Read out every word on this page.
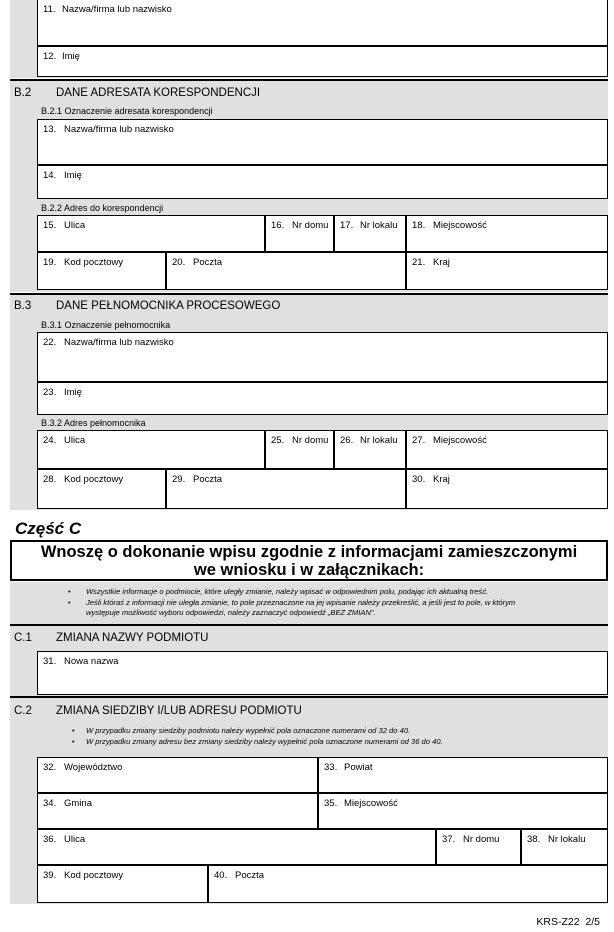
11. Nazwa/firma lub nazwisko
12. Imię
B.2 DANE ADRESATA KORESPONDENCJI
B.2.1 Oznaczenie adresata korespondencji
13. Nazwa/firma lub nazwisko
14. Imię
B.2.2 Adres do korespondencji
15. Ulica	16. Nr domu 17. Nr lokalu 18. Miejscowość
19. Kod pocztowy	20. Poczta	21. Kraj
B.3 DANE PEŁNOMOCNIKA PROCESOWEGO
B.3.1 Oznaczenie pełnomocnika
22. Nazwa/firma lub nazwisko
23. Imię
B.3.2 Adres pełnomocnika
24. Ulica	25. Nr domu 26. Nr lokalu 27. Miejscowość
28. Kod pocztowy	29. Poczta	30. Kraj
Część C
Wnoszę o dokonanie wpisu zgodnie z informacjami zamieszczonymi
we wniosku i w załącznikach:
• Wszystkie informacje o podmiocie, które uległy zmianie, należy wpisać w odpowiednim polu, podając ich aktualną treść.
• Jeśli któraś z informacji nie uległa zmianie, to pole przeznaczone na jej wpisanie należy przekreślić, a jeśli jest to pole, w którym
występuje możliwość wyboru odpowiedzi, należy zaznaczyć odpowiedź „BEZ ZMIAN”.
C.1 ZMIANA NAZWY PODMIOTU
31. Nowa nazwa
C.2 ZMIANA SIEDZIBY I/LUB ADRESU PODMIOTU
• W przypadku zmiany siedziby podmiotu należy wypełnić pola oznaczone numerami od 32 do 40.
• W przypadku zmiany adresu bez zmiany siedziby należy wypełnić pola oznaczone numerami od 36 do 40.
32. Województwo	33. Powiat
34. Gmina	35. Miejscowość
36. Ulica	37. Nr domu	38. Nr lokalu
39. Kod pocztowy	40. Poczta
KRS-Z22  2/5
